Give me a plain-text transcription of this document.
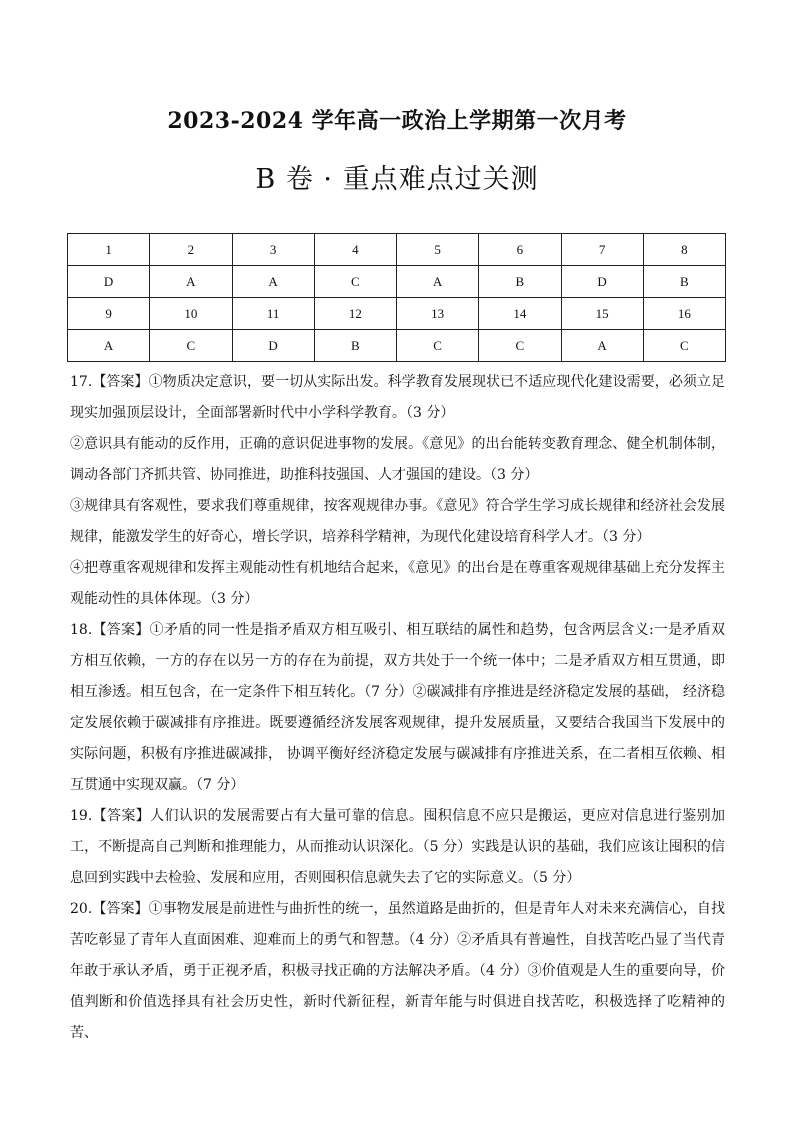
2023-2024 学年高一政治上学期第一次月考
B 卷 · 重点难点过关测
1	2	3	4	5	6	7	8
D	A	A	C	A	B	D	B
9	10	11	12	13	14	15	16
A	C	D	B	C	C	A	C

17.【答案】①物质决定意识，要一切从实际出发。科学教育发展现状已不适应现代化建设需要，必须立足现实加强顶层设计，全面部署新时代中小学科学教育。（3 分）

②意识具有能动的反作用，正确的意识促进事物的发展。《意见》的出台能转变教育理念、健全机制体制，调动各部门齐抓共管、协同推进，助推科技强国、人才强国的建设。（3 分）

③规律具有客观性，要求我们尊重规律，按客观规律办事。《意见》符合学生学习成长规律和经济社会发展规律，能激发学生的好奇心，增长学识，培养科学精神，为现代化建设培育科学人才。（3 分）

④把尊重客观规律和发挥主观能动性有机地结合起来，《意见》的出台是在尊重客观规律基础上充分发挥主观能动性的具体体现。（3 分）

18.【答案】①矛盾的同一性是指矛盾双方相互吸引、相互联结的属性和趋势，包含两层含义:一是矛盾双方相互依赖，一方的存在以另一方的存在为前提，双方共处于一个统一体中；二是矛盾双方相互贯通，即相互渗透。相互包含，在一定条件下相互转化。（7 分）②碳减排有序推进是经济稳定发展的基础， 经济稳定发展依赖于碳减排有序推进。既要遵循经济发展客观规律，提升发展质量，又要结合我国当下发展中的实际问题，积极有序推进碳减排， 协调平衡好经济稳定发展与碳减排有序推进关系，在二者相互依赖、相互贯通中实现双赢。（7 分）

19.【答案】人们认识的发展需要占有大量可靠的信息。囤积信息不应只是搬运，更应对信息进行鉴别加工，不断提高自己判断和推理能力，从而推动认识深化。（5 分）实践是认识的基础，我们应该让囤积的信息回到实践中去检验、发展和应用，否则囤积信息就失去了它的实际意义。（5 分）

20.【答案】①事物发展是前进性与曲折性的统一，虽然道路是曲折的，但是青年人对未来充满信心，自找苦吃彰显了青年人直面困难、迎难而上的勇气和智慧。（4 分）②矛盾具有普遍性，自找苦吃凸显了当代青年敢于承认矛盾，勇于正视矛盾，积极寻找正确的方法解决矛盾。（4 分）③价值观是人生的重要向导，价值判断和价值选择具有社会历史性，新时代新征程，新青年能与时俱进自找苦吃，积极选择了吃精神的苦、
